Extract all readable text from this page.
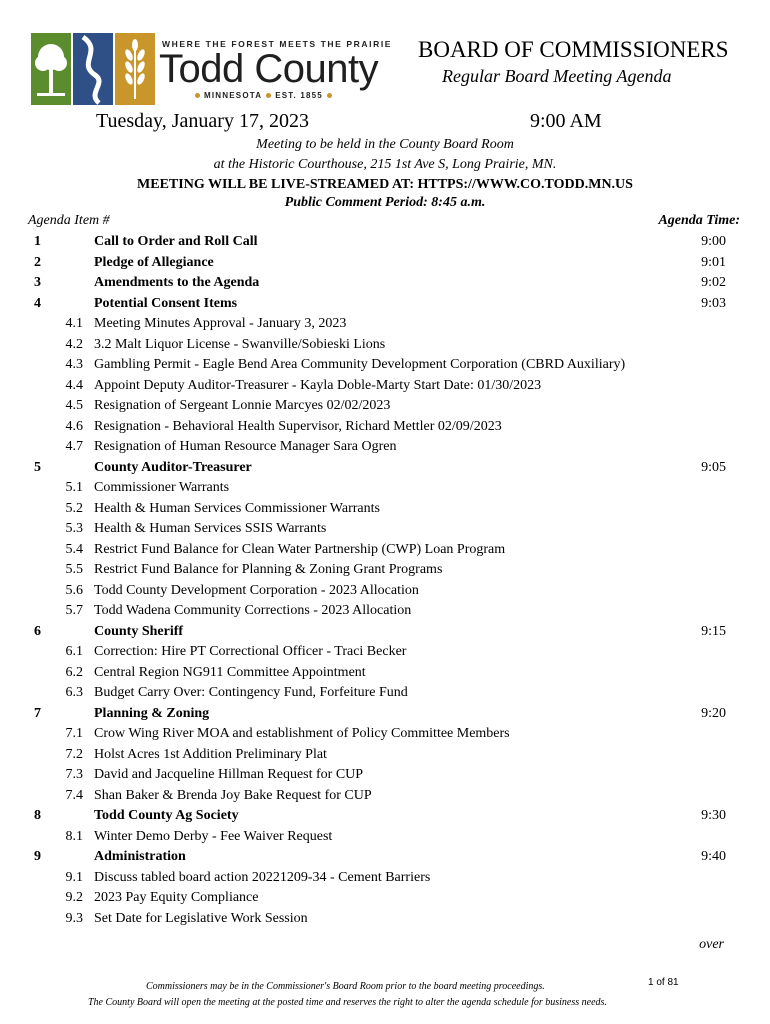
WHERE THE FOREST MEETS THE PRAIRIE
Todd County
MINNESOTA EST. 1855
BOARD OF COMMISSIONERS
Regular Board Meeting Agenda
Tuesday, January 17, 2023	9:00 AM
Meeting to be held in the County Board Room
at the Historic Courthouse, 215 1st Ave S, Long Prairie, MN.
MEETING WILL BE LIVE-STREAMED AT: HTTPS://WWW.CO.TODD.MN.US
Public Comment Period: 8:45 a.m.
Agenda Item #	Agenda Time:
1	Call to Order and Roll Call	9:00
2	Pledge of Allegiance	9:01
3	Amendments to the Agenda	9:02
4	Potential Consent Items	9:03
4.1 Meeting Minutes Approval - January 3, 2023
4.2 3.2 Malt Liquor License - Swanville/Sobieski Lions
4.3 Gambling Permit - Eagle Bend Area Community Development Corporation (CBRD Auxiliary)
4.4 Appoint Deputy Auditor-Treasurer - Kayla Doble-Marty Start Date: 01/30/2023
4.5 Resignation of Sergeant Lonnie Marcyes 02/02/2023
4.6 Resignation - Behavioral Health Supervisor, Richard Mettler 02/09/2023
4.7 Resignation of Human Resource Manager Sara Ogren
5	County Auditor-Treasurer	9:05
5.1 Commissioner Warrants
5.2 Health & Human Services Commissioner Warrants
5.3 Health & Human Services SSIS Warrants
5.4 Restrict Fund Balance for Clean Water Partnership (CWP) Loan Program
5.5 Restrict Fund Balance for Planning & Zoning Grant Programs
5.6 Todd County Development Corporation - 2023 Allocation
5.7 Todd Wadena Community Corrections - 2023 Allocation
6	County Sheriff	9:15
6.1 Correction: Hire PT Correctional Officer - Traci Becker
6.2 Central Region NG911 Committee Appointment
6.3 Budget Carry Over: Contingency Fund, Forfeiture Fund
7	Planning & Zoning	9:20
7.1 Crow Wing River MOA and establishment of Policy Committee Members
7.2 Holst Acres 1st Addition Preliminary Plat
7.3 David and Jacqueline Hillman Request for CUP
7.4 Shan Baker & Brenda Joy Bake Request for CUP
8	Todd County Ag Society	9:30
8.1 Winter Demo Derby - Fee Waiver Request
9	Administration	9:40
9.1 Discuss tabled board action 20221209-34 - Cement Barriers
9.2 2023 Pay Equity Compliance
9.3 Set Date for Legislative Work Session
over
Commissioners may be in the Commissioner's Board Room prior to the board meeting proceedings.	1 of 81
The County Board will open the meeting at the posted time and reserves the right to alter the agenda schedule for business needs.
